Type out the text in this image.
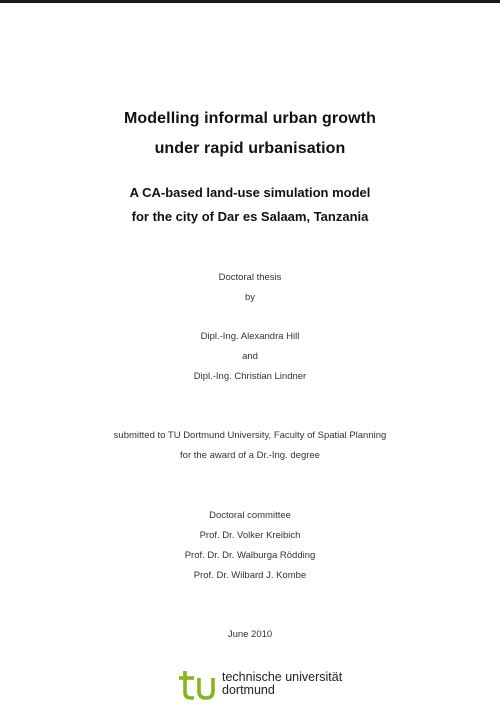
Modelling informal urban growth
under rapid urbanisation
A CA-based land-use simulation model
for the city of Dar es Salaam, Tanzania
Doctoral thesis
by
Dipl.-Ing. Alexandra Hill
and
Dipl.-Ing. Christian Lindner
submitted to TU Dortmund University, Faculty of Spatial Planning
for the award of a Dr.-Ing. degree
Doctoral committee
Prof. Dr. Volker Kreibich
Prof. Dr. Dr. Walburga Rödding
Prof. Dr. Wilbard J. Kombe
June 2010
technische universität
dortmund
